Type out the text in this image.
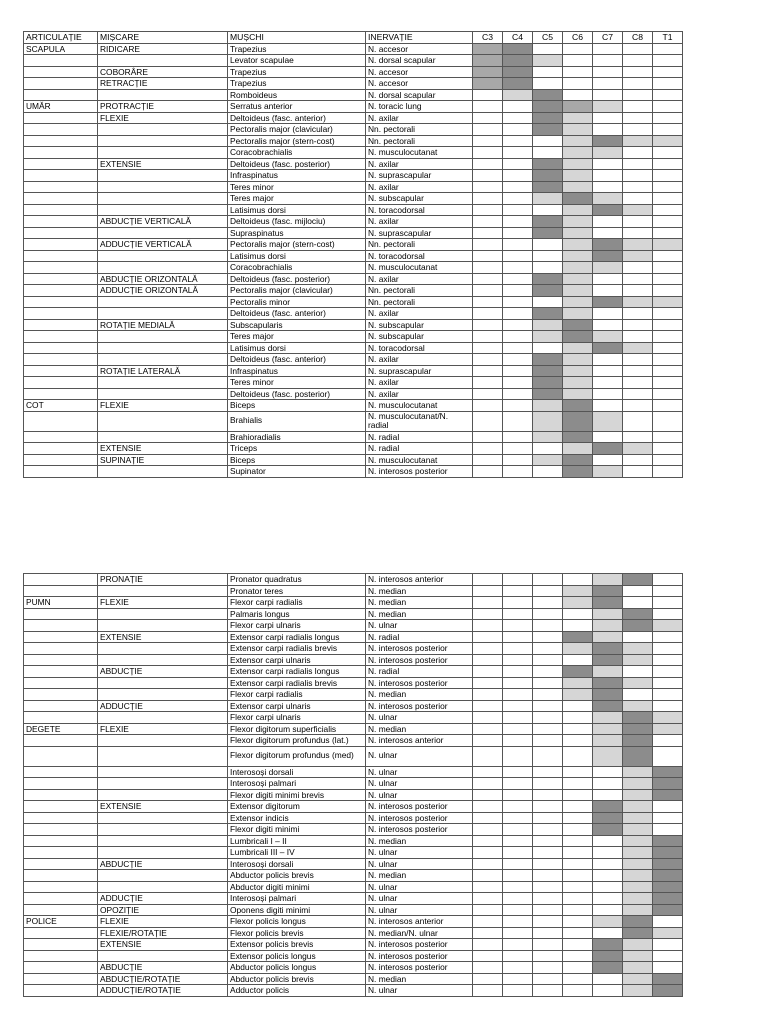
ARTICULAȚIE	MIȘCARE	MUȘCHI	INERVAȚIE	C3	C4	C5	C6	C7	C8	T1
SCAPULA	RIDICARE	Trapezius	N. accesor							
		Levator scapulae	N. dorsal scapular							
	COBORÂRE	Trapezius	N. accesor							
	RETRACȚIE	Trapezius	N. accesor							
		Romboideus	N. dorsal scapular							
UMĂR	PROTRACȚIE	Serratus anterior	N. toracic lung							
	FLEXIE	Deltoideus (fasc. anterior)	N. axilar							
		Pectoralis major (clavicular)	Nn. pectorali							
		Pectoralis major (stern-cost)	Nn. pectorali							
		Coracobrachialis	N. musculocutanat							
	EXTENSIE	Deltoideus (fasc. posterior)	N. axilar							
		Infraspinatus	N. suprascapular							
		Teres minor	N. axilar							
		Teres major	N. subscapular							
		Latisimus dorsi	N. toracodorsal							
	ABDUCȚIE VERTICALĂ	Deltoideus (fasc. mijlociu)	N. axilar							
		Supraspinatus	N. suprascapular							
	ADDUCȚIE VERTICALĂ	Pectoralis major (stern-cost)	Nn. pectorali							
		Latisimus dorsi	N. toracodorsal							
		Coracobrachialis	N. musculocutanat							
	ABDUCȚIE ORIZONTALĂ	Deltoideus (fasc. posterior)	N. axilar							
	ADDUCȚIE ORIZONTALĂ	Pectoralis major (clavicular)	Nn. pectorali							
		Pectoralis minor	Nn. pectorali							
		Deltoideus (fasc. anterior)	N. axilar							
	ROTAȚIE MEDIALĂ	Subscapularis	N. subscapular							
		Teres major	N. subscapular							
		Latisimus dorsi	N. toracodorsal							
		Deltoideus (fasc. anterior)	N. axilar							
	ROTAȚIE LATERALĂ	Infraspinatus	N. suprascapular							
		Teres minor	N. axilar							
		Deltoideus (fasc. posterior)	N. axilar							
COT	FLEXIE	Biceps	N. musculocutanat							
		Brahialis	N. musculocutanat/N. radial							
		Brahioradialis	N. radial							
	EXTENSIE	Triceps	N. radial							
	SUPINAȚIE	Biceps	N. musculocutanat							
		Supinator	N. interosos posterior							
	PRONAȚIE	Pronator quadratus	N. interosos anterior							
		Pronator teres	N. median							
PUMN	FLEXIE	Flexor carpi radialis	N. median							
		Palmaris longus	N. median							
		Flexor carpi ulnaris	N. ulnar							
	EXTENSIE	Extensor carpi radialis longus	N. radial							
		Extensor carpi radialis brevis	N. interosos posterior							
		Extensor carpi ulnaris	N. interosos posterior							
	ABDUCȚIE	Extensor carpi radialis longus	N. radial							
		Extensor carpi radialis brevis	N. interosos posterior							
		Flexor carpi radialis	N. median							
	ADDUCȚIE	Extensor carpi ulnaris	N. interosos posterior							
		Flexor carpi ulnaris	N. ulnar							
DEGETE	FLEXIE	Flexor digitorum superficialis	N. median							
		Flexor digitorum profundus (lat.)	N. interosos anterior							
		Flexor digitorum profundus (med)	N. ulnar							
		Interosoși dorsali	N. ulnar							
		Interosoși palmari	N. ulnar							
		Flexor digiti minimi brevis	N. ulnar							
	EXTENSIE	Extensor digitorum	N. interosos posterior							
		Extensor indicis	N. interosos posterior							
		Flexor digiti minimi	N. interosos posterior							
		Lumbricali I – II	N. median							
		Lumbricali III – IV	N. ulnar							
	ABDUCȚIE	Interosoși dorsali	N. ulnar							
		Abductor policis brevis	N. median							
		Abductor digiti minimi	N. ulnar							
	ADDUCȚIE	Interosoși palmari	N. ulnar							
	OPOZIȚIE	Oponens digiti minimi	N. ulnar							
POLICE	FLEXIE	Flexor policis longus	N. interosos anterior							
	FLEXIE/ROTAȚIE	Flexor policis brevis	N. median/N. ulnar							
	EXTENSIE	Extensor policis brevis	N. interosos posterior							
		Extensor policis longus	N. interosos posterior							
	ABDUCȚIE	Abductor policis longus	N. interosos posterior							
	ABDUCȚIE/ROTAȚIE	Abductor policis brevis	N. median							
	ADDUCȚIE/ROTAȚIE	Adductor policis	N. ulnar							
